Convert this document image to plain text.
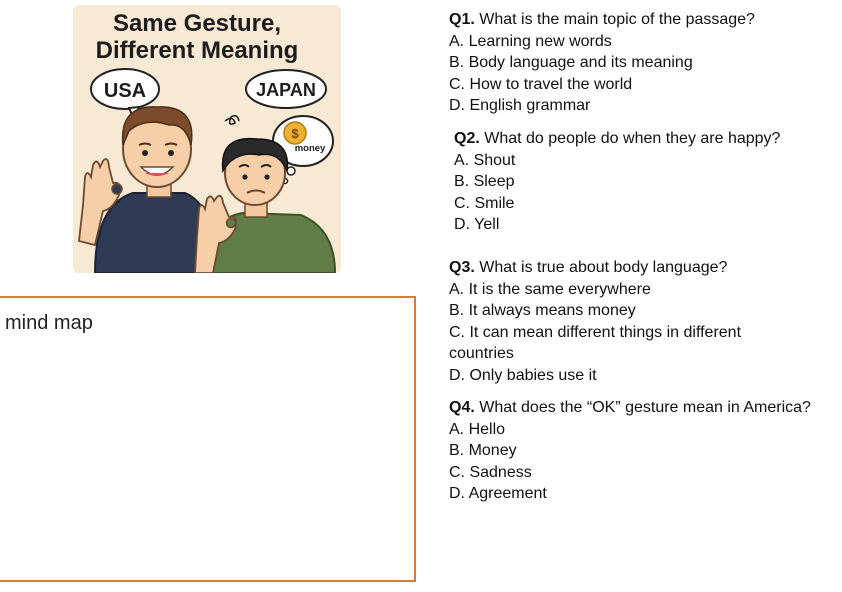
Same Gesture,
Different Meaning
USA	JAPAN
$
money
mind map
Q1. What is the main topic of the passage?
A. Learning new words
B. Body language and its meaning
C. How to travel the world
D. English grammar
Q2. What do people do when they are happy?
A. Shout
B. Sleep
C. Smile
D. Yell
Q3. What is true about body language?
A. It is the same everywhere
B. It always means money
C. It can mean different things in different countries
D. Only babies use it
Q4. What does the “OK” gesture mean in America?
A. Hello
B. Money
C. Sadness
D. Agreement
